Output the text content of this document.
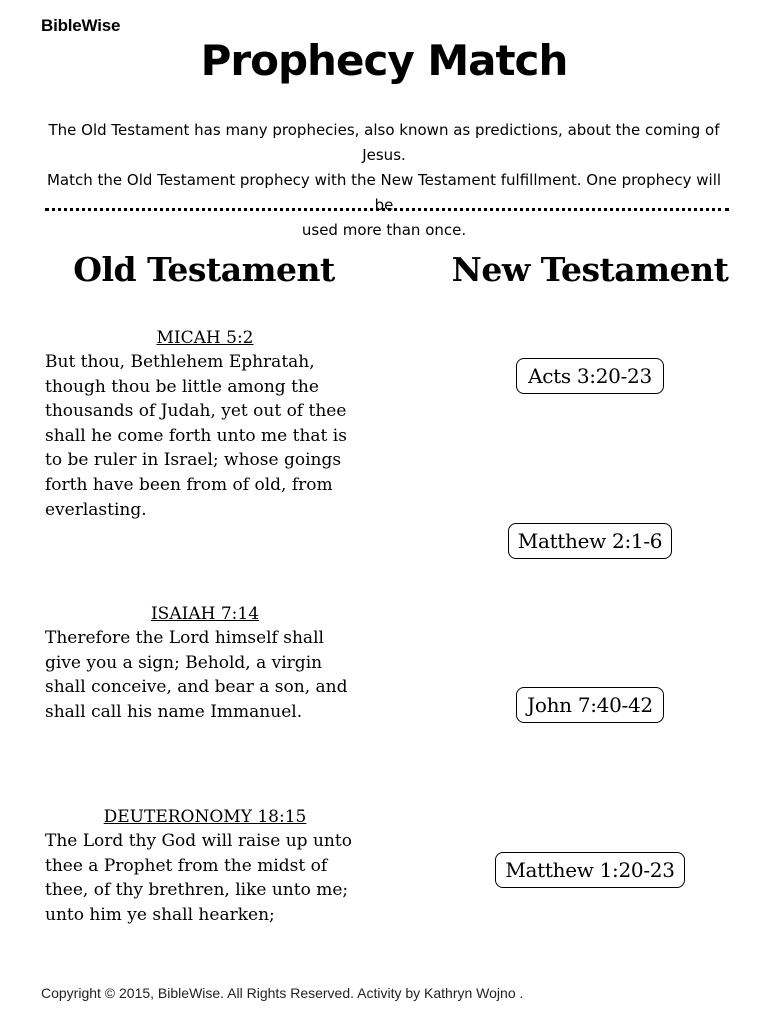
BibleWise
Prophecy Match

The Old Testament has many prophecies, also known as predictions, about the coming of Jesus.

Match the Old Testament prophecy with the New Testament fulfillment. One prophecy will be

used more than once.

Old Testament	New Testament

MICAH 5:2

But thou, Bethlehem Ephratah,
though thou be little among the
thousands of Judah, yet out of thee
shall he come forth unto me that is
to be ruler in Israel; whose goings
forth have been from of old, from
everlasting.

ISAIAH 7:14

Therefore the Lord himself shall
give you a sign; Behold, a virgin
shall conceive, and bear a son, and
shall call his name Immanuel.

DEUTERONOMY 18:15

The Lord thy God will raise up unto
thee a Prophet from the midst of
thee, of thy brethren, like unto me;
unto him ye shall hearken;

Acts 3:20-23
Matthew 2:1-6
John 7:40-42
Matthew 1:20-23
Copyright © 2015, BibleWise. All Rights Reserved. Activity by Kathryn Wojno .
